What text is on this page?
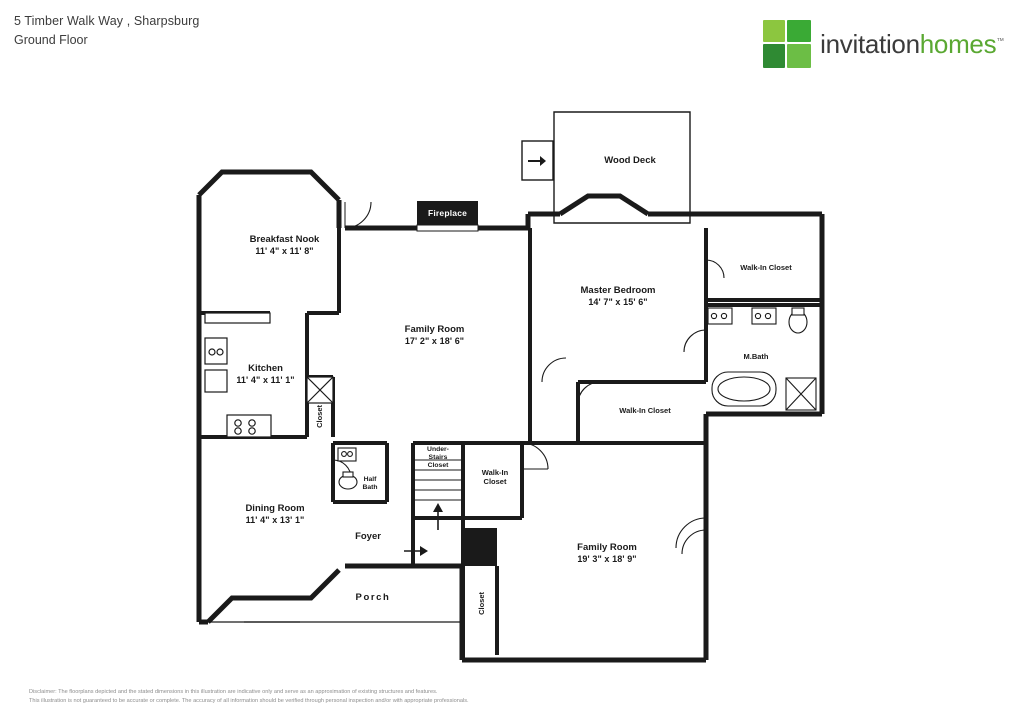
5 Timber Walk Way , Sharpsburg
Ground Floor	invitationhomes™
Fireplace
Wood Deck
Breakfast Nook
11' 4" x 11' 8"
Kitchen
11' 4" x 11' 1"
Family Room
17' 2" x 18' 6"
Master Bedroom
14' 7" x 15' 6"
Walk-In Closet
M.Bath
Walk-In Closet
Walk-In
Closet
Under-
Stairs
Closet
Half
Bath
Dining Room
11' 4" x 13' 1"
Foyer
Porch
Family Room
19' 3" x 18' 9"
Closet
Closet
Disclaimer: The floorplans depicted and the stated dimensions in this illustration are indicative only and serve as an approximation of existing structures and features.
This illustration is not guaranteed to be accurate or complete. The accuracy of all information should be verified through personal inspection and/or with appropriate professionals.
